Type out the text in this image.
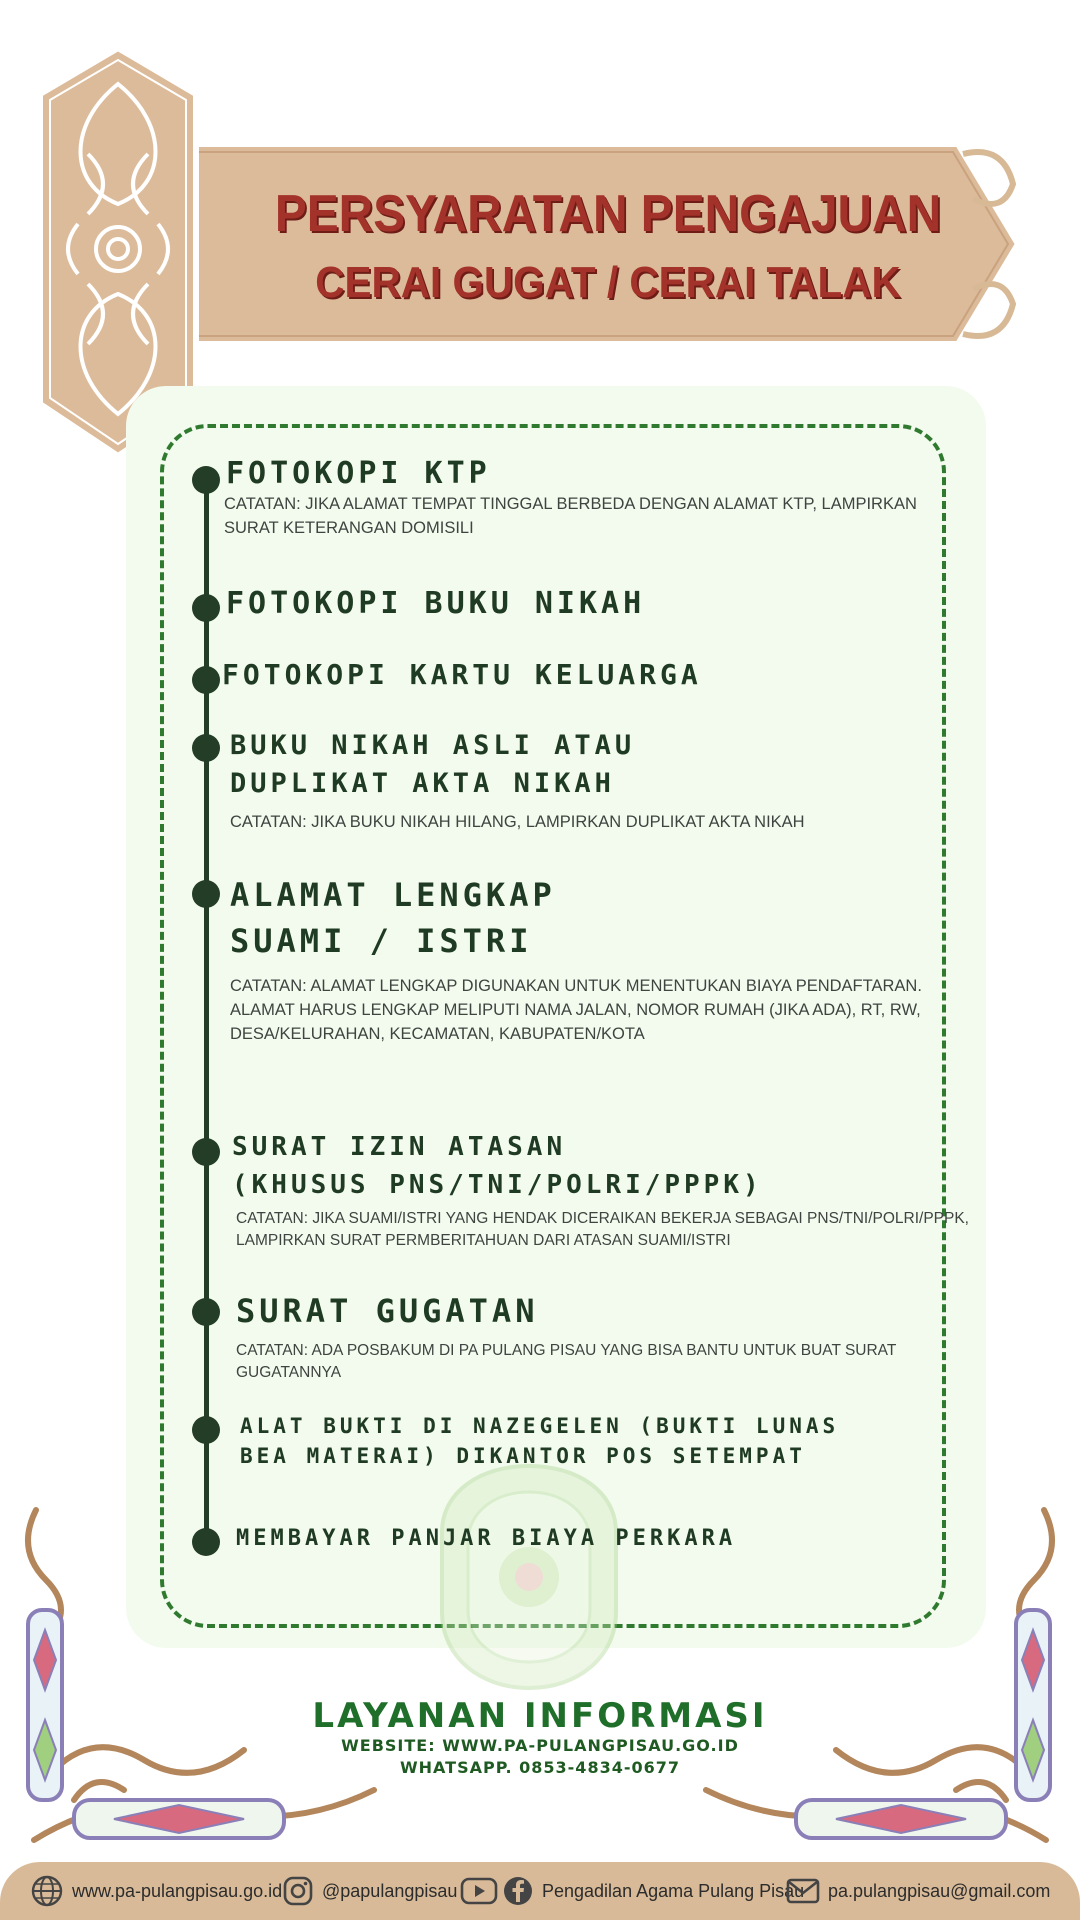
PERSYARATAN PENGAJUAN
CERAI GUGAT / CERAI TALAK
FOTOKOPI KTP
CATATAN: JIKA ALAMAT TEMPAT TINGGAL BERBEDA DENGAN ALAMAT KTP, LAMPIRKAN SURAT KETERANGAN DOMISILI
FOTOKOPI BUKU NIKAH
FOTOKOPI KARTU KELUARGA
BUKU NIKAH ASLI ATAU
DUPLIKAT AKTA NIKAH
CATATAN: JIKA BUKU NIKAH HILANG, LAMPIRKAN DUPLIKAT AKTA NIKAH
ALAMAT LENGKAP
SUAMI / ISTRI
CATATAN: ALAMAT LENGKAP DIGUNAKAN UNTUK MENENTUKAN BIAYA PENDAFTARAN. ALAMAT HARUS LENGKAP MELIPUTI NAMA JALAN, NOMOR RUMAH (JIKA ADA), RT, RW, DESA/KELURAHAN, KECAMATAN, KABUPATEN/KOTA
SURAT IZIN ATASAN
(KHUSUS PNS/TNI/POLRI/PPPK)
CATATAN: JIKA SUAMI/ISTRI YANG HENDAK DICERAIKAN BEKERJA SEBAGAI PNS/TNI/POLRI/PPPK, LAMPIRKAN SURAT PERMBERITAHUAN DARI ATASAN SUAMI/ISTRI
SURAT GUGATAN
CATATAN: ADA POSBAKUM DI PA PULANG PISAU YANG BISA BANTU UNTUK BUAT SURAT GUGATANNYA
ALAT BUKTI DI NAZEGELEN (BUKTI LUNAS
BEA MATERAI) DIKANTOR POS SETEMPAT
MEMBAYAR PANJAR BIAYA PERKARA
LAYANAN INFORMASI
WEBSITE: WWW.PA-PULANGPISAU.GO.ID
WHATSAPP. 0853-4834-0677
www.pa-pulangpisau.go.id @papulangpisau	Pengadilan Agama Pulang Pisau pa.pulangpisau@gmail.com
